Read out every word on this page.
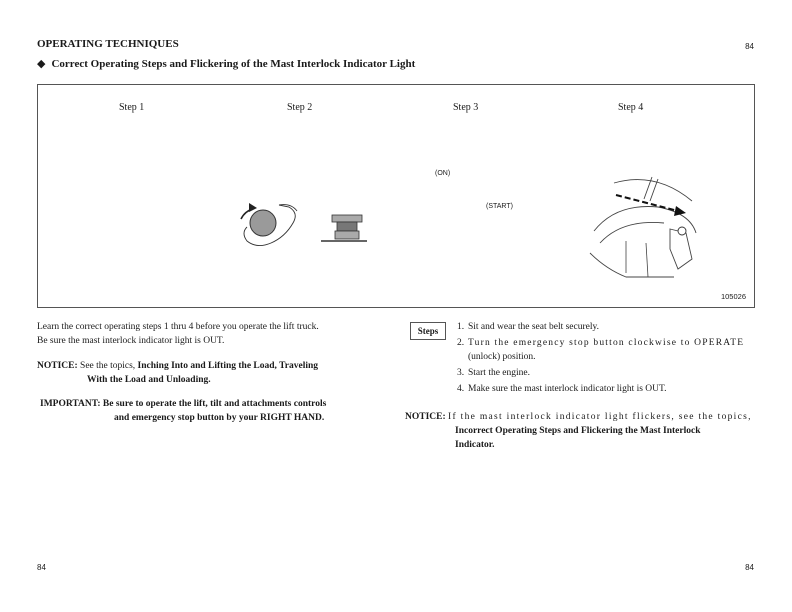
OPERATING TECHNIQUES	84
◆ Correct Operating Steps and Flickering of the Mast Interlock Indicator Light
Step 1	Step 2	Step 3	Step 4
(ON)
(START)
105026

Learn the correct operating steps 1 thru 4 before you operate the lift truck.

Be sure the mast interlock indicator light is OUT.

NOTICE: See the topics, Inching Into and Lifting the Load, Traveling
With the Load and Unloading.

IMPORTANT: Be sure to operate the lift, tilt and attachments controls
and emergency stop button by your RIGHT HAND.

Steps	1. Sit and wear the seat belt securely.
2. Turn the emergency stop button clockwise to OPERATE
(unlock) position.
3. Start the engine.
4. Make sure the mast interlock indicator light is OUT.
NOTICE: If the mast interlock indicator light flickers, see the topics,
Incorrect Operating Steps and Flickering the Mast Interlock
Indicator.
84	84
